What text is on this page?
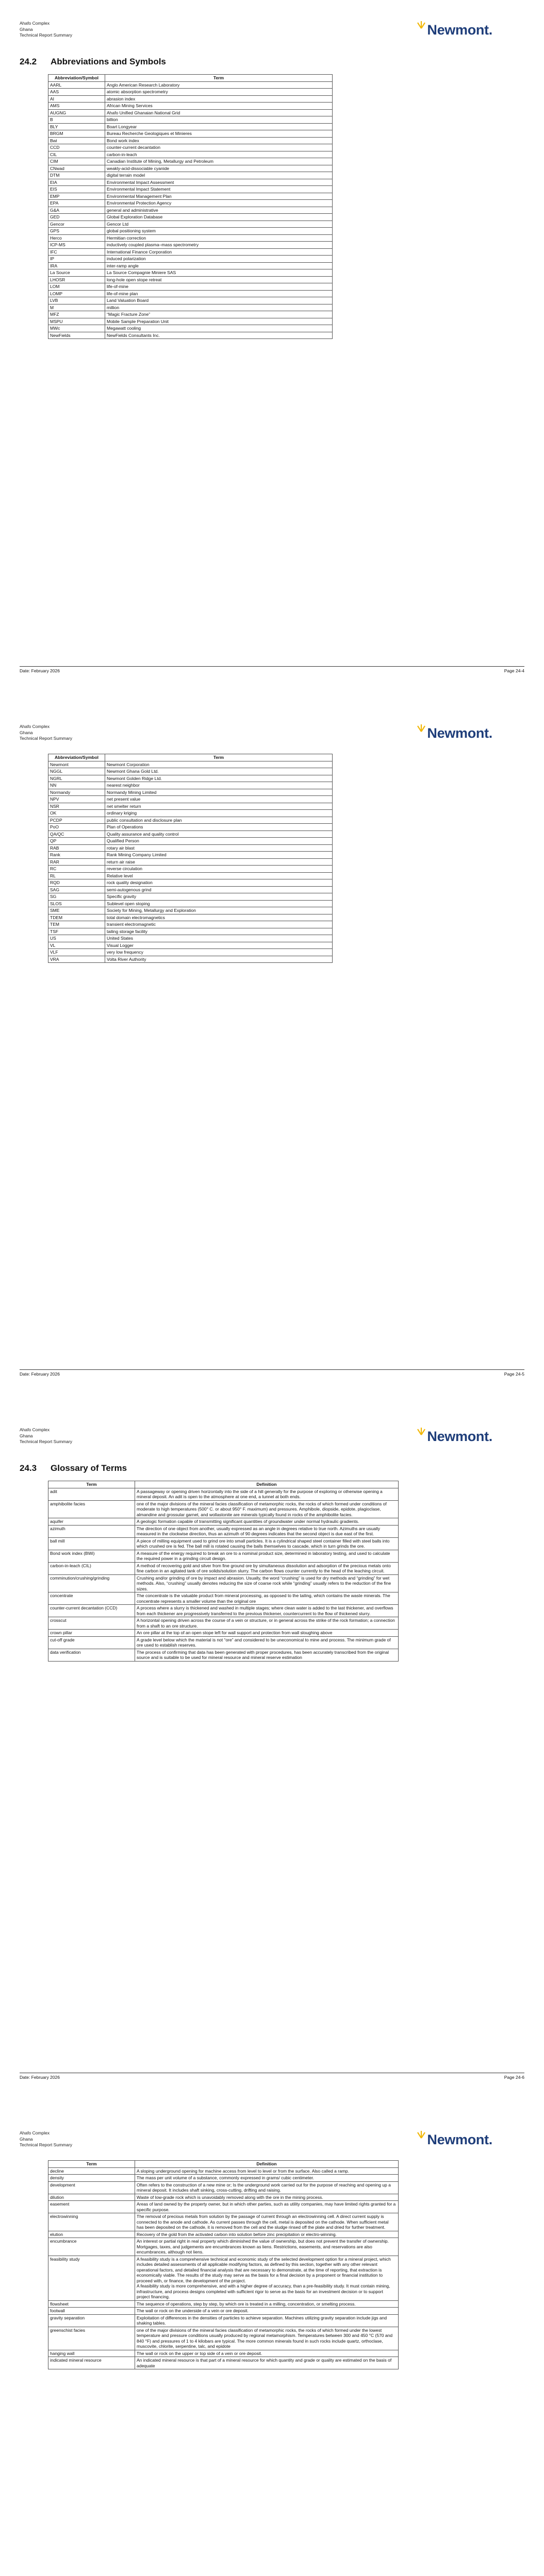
Ahafo Complex
Ghana
Technical Report Summary	Newmont.
24.2 Abbreviations and Symbols
Abbreviation/Symbol	Term
AARL	Anglo American Research Laboratory
AAS	atomic absorption spectrometry
AI	abrasion index
AMS	African Mining Services
AUGNG	Ahafo Unified Ghanaian National Grid
B	billion
BLY	Boart Longyear
BRGM	Bureau Recherche Geologiques et Minieres
Bwi	Bond work index
CCD	counter-current decantation
CIL	carbon-in-leach
CIM	Canadian Institute of Mining, Metallurgy and Petroleum
CNwad	weakly-acid-dissociable cyanide
DTM	digital terrain model
EIA	Environmental Impact Assessment
EIS	Environmental Impact Statement
EMP	Environmental Management Plan
EPA	Environmental Protection Agency
G&A	general and administrative
GED	Global Exploration Database
Gencor	Gencor Ltd
GPS	global positioning system
Herco	Hermitian correction
ICP-MS	inductively coupled plasma–mass spectrometry
IFC	International Finance Corporation
IP	induced polarization
IRA	inter-ramp angle
La Source	La Source Compagnie Miniere SAS
LHOSR	long-hole open stope retreat
LOM	life-of-mine
LOMP	life-of-mine plan
LVB	Land Valuation Board
M	million
MFZ	“Magic Fracture Zone”
MSPU	Mobile Sample Preparation Unit
MWc	Megawatt cooling
NewFields	NewFields Consultants Inc.
Date: February 2026	Page 24-4
Ahafo Complex
Ghana
Technical Report Summary	Newmont.
Abbreviation/Symbol	Term
Newmont	Newmont Corporation
NGGL	Newmont Ghana Gold Ltd.
NGRL	Newmont Golden Ridge Ltd.
NN	nearest neighbor
Normandy	Normandy Mining Limited
NPV	net present value
NSR	net smelter return
OK	ordinary kriging
PCDP	public consultation and disclosure plan
PoO	Plan of Operations
QA/QC	Quality assurance and quality control
QP	Qualified Person
RAB	rotary air blast
Rank	Rank Mining Company Limited
RAR	return air raise
RC	reverse circulation
RL	Relative level
RQD	rock quality designation
SAG	semi-autogenous grind
SG	Specific gravity
SLOS	Sublevel open stoping
SME	Society for Mining, Metallurgy and Exploration
TDEM	total domain electromagnetics
TEM	transient electromagnetic
TSF	tailing storage facility
US	United States
VL	Visual Logger
VLF	very low frequency
VRA	Volta River Authority
Date: February 2026	Page 24-5
Ahafo Complex
Ghana
Technical Report Summary	Newmont.
24.3 Glossary of Terms
Term	Definition
adit	A passageway or opening driven horizontally into the side of a hill generally for the purpose of exploring or otherwise opening a mineral deposit. An adit is open to the atmosphere at one end, a tunnel at both ends.
amphibolite facies	one of the major divisions of the mineral facies classification of metamorphic rocks, the rocks of which formed under conditions of moderate to high temperatures (500° C. or about 950° F. maximum) and pressures. Amphibole, diopside, epidote, plagioclase, almandine and grossular garnet, and wollastonite are minerals typically found in rocks of the amphibolite facies.
aquifer	A geologic formation capable of transmitting significant quantities of groundwater under normal hydraulic gradients.
azimuth	The direction of one object from another, usually expressed as an angle in degrees relative to true north. Azimuths are usually measured in the clockwise direction, thus an azimuth of 90 degrees indicates that the second object is due east of the first.
ball mill	A piece of milling equipment used to grind ore into small particles. It is a cylindrical shaped steel container filled with steel balls into which crushed ore is fed. The ball mill is rotated causing the balls themselves to cascade, which in turn grinds the ore.
Bond work index (BWi)	A measure of the energy required to break an ore to a nominal product size, determined in laboratory testing, and used to calculate the required power in a grinding circuit design.
carbon-in-leach (CIL)	A method of recovering gold and silver from fine ground ore by simultaneous dissolution and adsorption of the precious metals onto fine carbon in an agitated tank of ore solids/solution slurry. The carbon flows counter currently to the head of the leaching circuit.
comminution/crushing/grinding	Crushing and/or grinding of ore by impact and abrasion. Usually, the word “crushing” is used for dry methods and “grinding” for wet methods. Also, “crushing” usually denotes reducing the size of coarse rock while “grinding” usually refers to the reduction of the fine sizes.
concentrate	The concentrate is the valuable product from mineral processing, as opposed to the tailing, which contains the waste minerals. The concentrate represents a smaller volume than the original ore
counter-current decantation (CCD)	A process where a slurry is thickened and washed in multiple stages; where clean water is added to the last thickener, and overflows from each thickener are progressively transferred to the previous thickener, countercurrent to the flow of thickened slurry.
crosscut	A horizontal opening driven across the course of a vein or structure, or in general across the strike of the rock formation; a connection from a shaft to an ore structure.
crown pillar	An ore pillar at the top of an open stope left for wall support and protection from wall sloughing above
cut-off grade	A grade level below which the material is not “ore” and considered to be uneconomical to mine and process. The minimum grade of ore used to establish reserves.
data verification	The process of confirming that data has been generated with proper procedures, has been accurately transcribed from the original source and is suitable to be used for mineral resource and mineral reserve estimation
Date: February 2026	Page 24-6
Ahafo Complex
Ghana
Technical Report Summary	Newmont.
Term	Definition
decline	A sloping underground opening for machine access from level to level or from the surface. Also called a ramp.
density	The mass per unit volume of a substance, commonly expressed in grams/ cubic centimeter.
development	Often refers to the construction of a new mine or; Is the underground work carried out for the purpose of reaching and opening up a mineral deposit. It includes shaft sinking, cross-cutting, drifting and raising.
dilution	Waste of low-grade rock which is unavoidably removed along with the ore in the mining process.
easement	Areas of land owned by the property owner, but in which other parties, such as utility companies, may have limited rights granted for a specific purpose.
electrowinning	The removal of precious metals from solution by the passage of current through an electrowinning cell. A direct current supply is connected to the anode and cathode. As current passes through the cell, metal is deposited on the cathode. When sufficient metal has been deposited on the cathode, it is removed from the cell and the sludge rinsed off the plate and dried for further treatment.
elution	Recovery of the gold from the activated carbon into solution before zinc precipitation or electro-winning.
encumbrance	An interest or partial right in real property which diminished the value of ownership, but does not prevent the transfer of ownership. Mortgages, taxes, and judgements are encumbrances known as liens. Restrictions, easements, and reservations are also encumbrances, although not liens.
feasibility study	A feasibility study is a comprehensive technical and economic study of the selected development option for a mineral project, which includes detailed assessments of all applicable modifying factors, as defined by this section, together with any other relevant operational factors, and detailed financial analysis that are necessary to demonstrate, at the time of reporting, that extraction is economically viable. The results of the study may serve as the basis for a final decision by a proponent or financial institution to proceed with, or finance, the development of the project.
A feasibility study is more comprehensive, and with a higher degree of accuracy, than a pre-feasibility study. It must contain mining, infrastructure, and process designs completed with sufficient rigor to serve as the basis for an investment decision or to support project financing.
flowsheet	The sequence of operations, step by step, by which ore is treated in a milling, concentration, or smelting process.
footwall	The wall or rock on the underside of a vein or ore deposit.
gravity separation	Exploitation of differences in the densities of particles to achieve separation. Machines utilizing gravity separation include jigs and shaking tables.
greenschist facies	one of the major divisions of the mineral facies classification of metamorphic rocks, the rocks of which formed under the lowest temperature and pressure conditions usually produced by regional metamorphism. Temperatures between 300 and 450 °C (570 and 840 °F) and pressures of 1 to 4 kilobars are typical. The more common minerals found in such rocks include quartz, orthoclase, muscovite, chlorite, serpentine, talc, and epidote
hanging wall	The wall or rock on the upper or top side of a vein or ore deposit.
indicated mineral resource	An indicated mineral resource is that part of a mineral resource for which quantity and grade or quality are estimated on the basis of adequate
